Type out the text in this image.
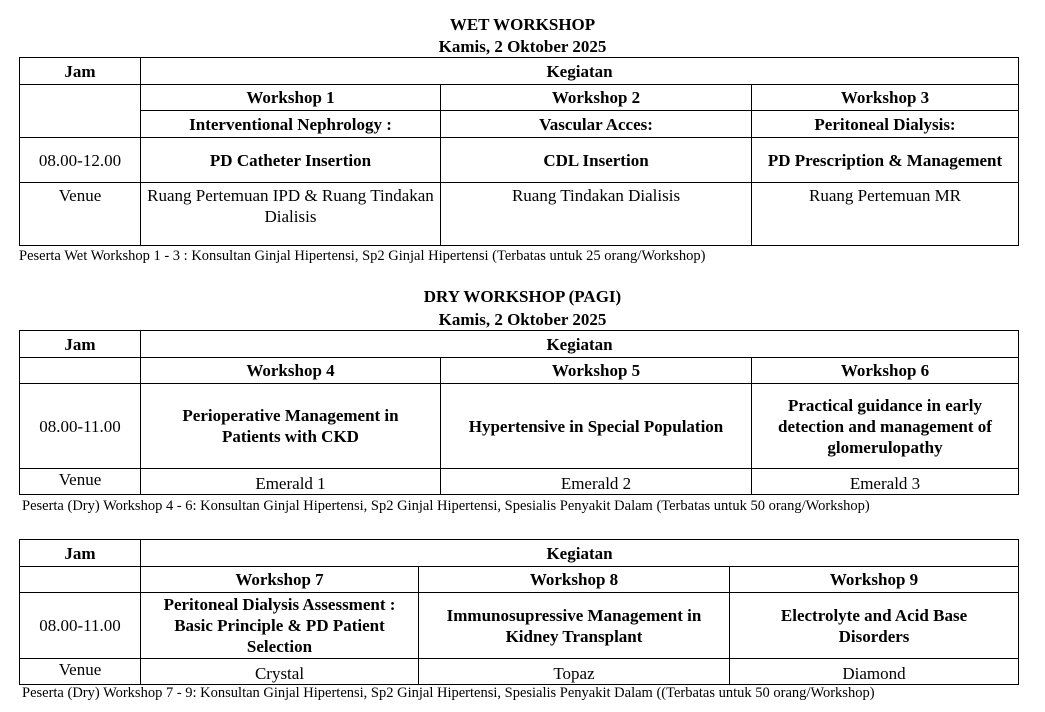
WET WORKSHOP
Kamis, 2 Oktober 2025
Jam	Kegiatan		
	Workshop 1	Workshop 2	Workshop 3
	Interventional Nephrology :	Vascular Acces:	Peritoneal Dialysis:
08.00-12.00	PD Catheter Insertion	CDL Insertion	PD Prescription & Management
Venue	Ruang Pertemuan IPD & Ruang Tindakan Dialisis	Ruang Tindakan Dialisis	Ruang Pertemuan MR
Peserta Wet Workshop 1 - 3 : Konsultan Ginjal Hipertensi, Sp2 Ginjal Hipertensi (Terbatas untuk 25 orang/Workshop)
DRY WORKSHOP (PAGI)
Kamis, 2 Oktober 2025
Jam	Kegiatan		
	Workshop 4	Workshop 5	Workshop 6
08.00-11.00	Perioperative Management in Patients with CKD	Hypertensive in Special Population	Practical guidance in early detection and management of glomerulopathy
Venue	Emerald 1	Emerald 2	Emerald 3
Peserta (Dry) Workshop 4 - 6: Konsultan Ginjal Hipertensi, Sp2 Ginjal Hipertensi, Spesialis Penyakit Dalam (Terbatas untuk 50 orang/Workshop)
Jam	Kegiatan		
	Workshop 7	Workshop 8	Workshop 9
08.00-11.00	Peritoneal Dialysis Assessment : Basic Principle & PD Patient Selection	Immunosupressive Management in Kidney Transplant	Electrolyte and Acid Base Disorders
Venue	Crystal	Topaz	Diamond
Peserta (Dry) Workshop 7 - 9: Konsultan Ginjal Hipertensi, Sp2 Ginjal Hipertensi, Spesialis Penyakit Dalam ((Terbatas untuk 50 orang/Workshop)
